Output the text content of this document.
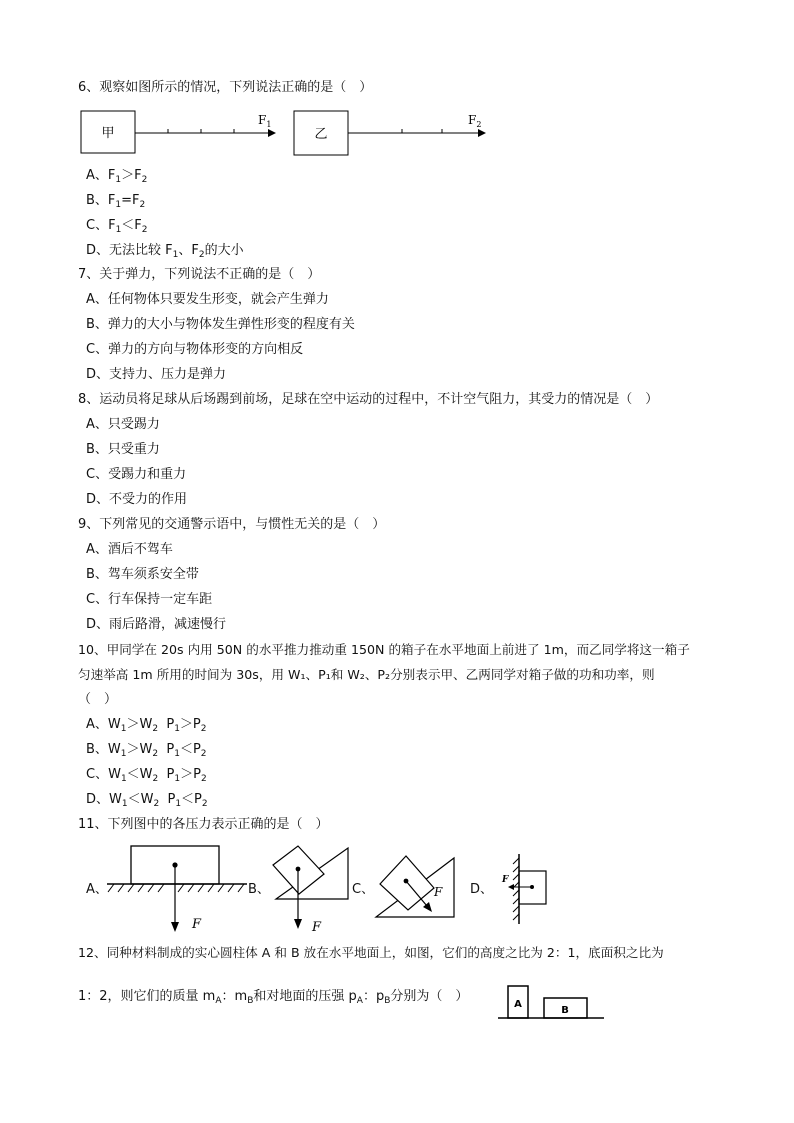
6、观察如图所示的情况，下列说法正确的是（　）
甲
$F_1$
乙
$F_2$
A、$F_1>F_2$
B、$F_1=F_2$
C、$F_1<F_2$
D、无法比较 $F_1$、$F_2$的大小
7、关于弹力，下列说法不正确的是（　）
A、任何物体只要发生形变，就会产生弹力
B、弹力的大小与物体发生弹性形变的程度有关
C、弹力的方向与物体形变的方向相反
D、支持力、压力是弹力
8、运动员将足球从后场踢到前场，足球在空中运动的过程中，不计空气阻力，其受力的情况是（　）
A、只受踢力
B、只受重力
C、受踢力和重力
D、不受力的作用
9、下列常见的交通警示语中，与惯性无关的是（　）
A、酒后不驾车
B、驾车须系安全带
C、行车保持一定车距
D、雨后路滑，减速慢行
10、甲同学在 20s 内用 50N 的水平推力推动重 150N 的箱子在水平地面上前进了 1m，而乙同学将这一箱子
匀速举高 1m 所用的时间为 30s，用 W₁、P₁和 W₂、P₂分别表示甲、乙两同学对箱子做的功和功率，则
（　）
A、$W_1>W_2$  $P_1>P_2$
B、$W_1>W_2$  $P_1<P_2$
C、$W_1<W_2$  $P_1>P_2$
D、$W_1<W_2$  $P_1<P_2$
11、下列图中的各压力表示正确的是（　）
A、	B、	C、	D、
F	F
F
F
12、同种材料制成的实心圆柱体 A 和 B 放在水平地面上，如图，它们的高度之比为 2：1，底面积之比为
1：2，则它们的质量 $m_A$：$m_B$和对地面的压强 $p_A$：$p_B$分别为（　）
A
B
